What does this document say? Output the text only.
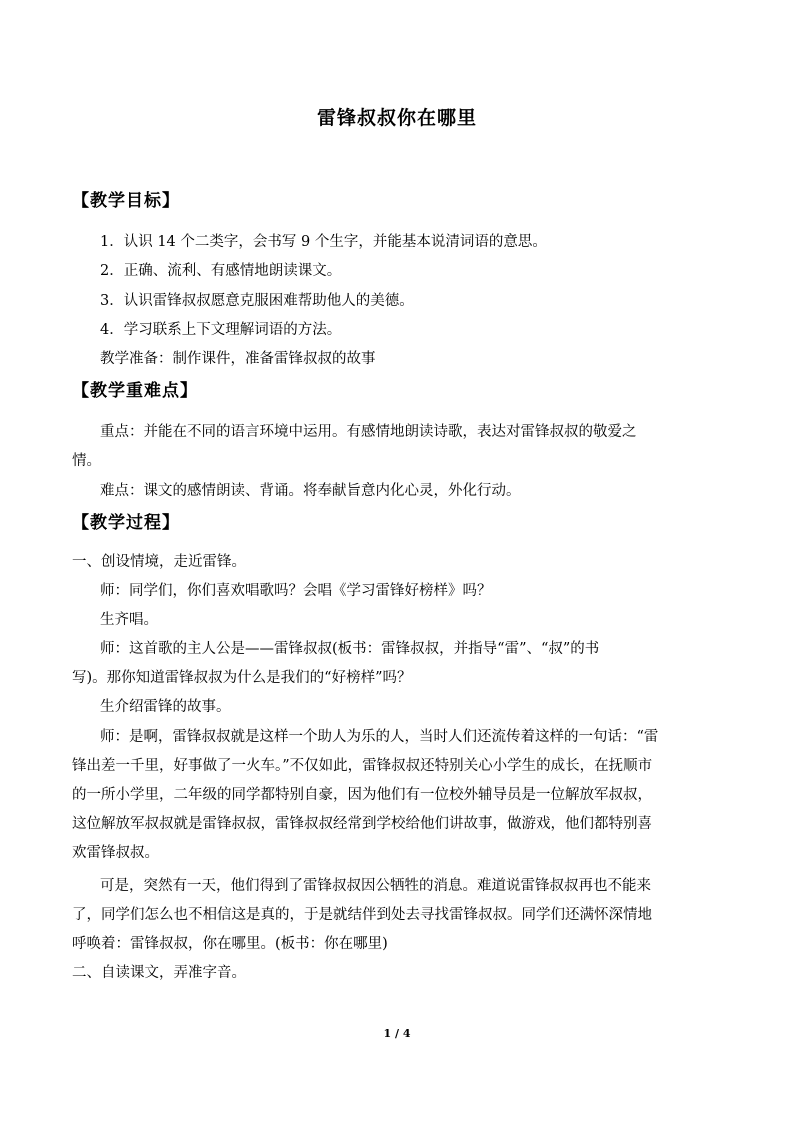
雷锋叔叔你在哪里
【教学目标】
1．认识 14 个二类字，会书写 9 个生字，并能基本说清词语的意思。
2．正确、流利、有感情地朗读课文。
3．认识雷锋叔叔愿意克服困难帮助他人的美德。
4．学习联系上下文理解词语的方法。
教学准备：制作课件，准备雷锋叔叔的故事
【教学重难点】
重点：并能在不同的语言环境中运用。有感情地朗读诗歌，表达对雷锋叔叔的敬爱之
情。
难点：课文的感情朗读、背诵。将奉献旨意内化心灵，外化行动。
【教学过程】
一、创设情境，走近雷锋。
师：同学们，你们喜欢唱歌吗？会唱《学习雷锋好榜样》吗？
生齐唱。
师：这首歌的主人公是——雷锋叔叔(板书：雷锋叔叔，并指导“雷”、“叔”的书
写)。那你知道雷锋叔叔为什么是我们的“好榜样”吗？
生介绍雷锋的故事。
师：是啊，雷锋叔叔就是这样一个助人为乐的人，当时人们还流传着这样的一句话：“雷
锋出差一千里，好事做了一火车。”不仅如此，雷锋叔叔还特别关心小学生的成长，在抚顺市
的一所小学里，二年级的同学都特别自豪，因为他们有一位校外辅导员是一位解放军叔叔，
这位解放军叔叔就是雷锋叔叔，雷锋叔叔经常到学校给他们讲故事，做游戏，他们都特别喜
欢雷锋叔叔。
可是，突然有一天，他们得到了雷锋叔叔因公牺牲的消息。难道说雷锋叔叔再也不能来
了，同学们怎么也不相信这是真的，于是就结伴到处去寻找雷锋叔叔。同学们还满怀深情地
呼唤着：雷锋叔叔，你在哪里。(板书：你在哪里)
二、自读课文，弄准字音。
1 / 4
